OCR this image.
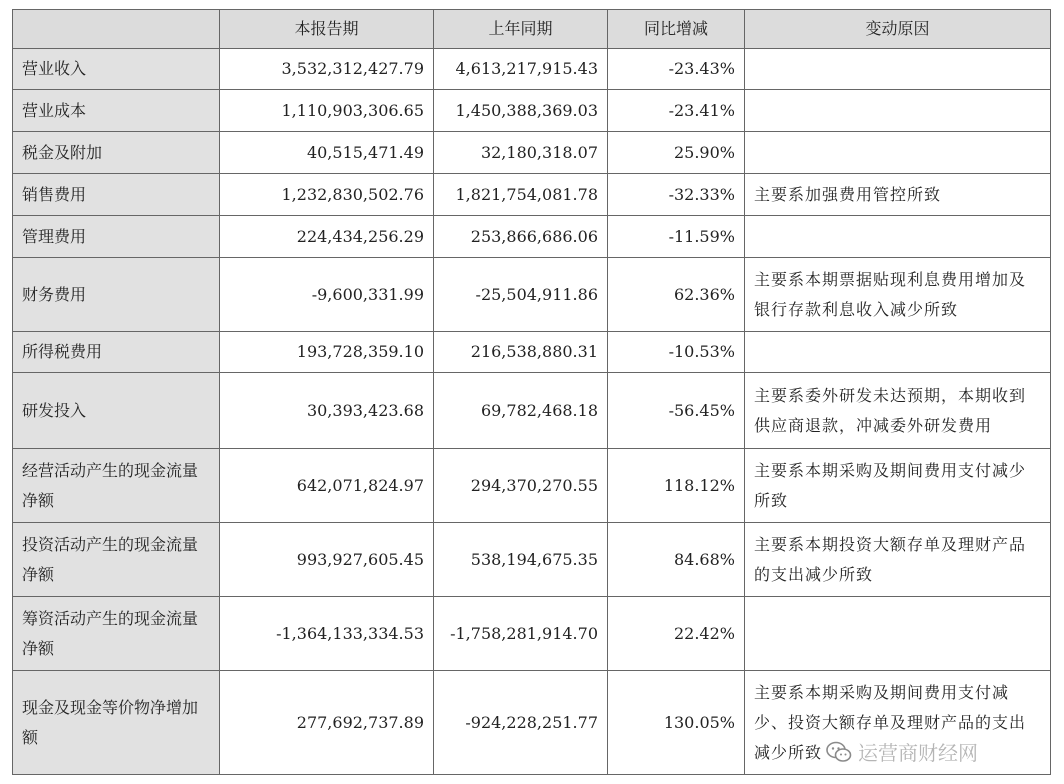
	本报告期	上年同期	同比增减	变动原因
营业收入	3,532,312,427.79	4,613,217,915.43	-23.43%	
营业成本	1,110,903,306.65	1,450,388,369.03	-23.41%	
税金及附加	40,515,471.49	32,180,318.07	25.90%	
销售费用	1,232,830,502.76	1,821,754,081.78	-32.33%	主要系加强费用管控所致
管理费用	224,434,256.29	253,866,686.06	-11.59%	
财务费用	-9,600,331.99	-25,504,911.86	62.36%	主要系本期票据贴现利息费用增加及银行存款利息收入减少所致
所得税费用	193,728,359.10	216,538,880.31	-10.53%	
研发投入	30,393,423.68	69,782,468.18	-56.45%	主要系委外研发未达预期，本期收到供应商退款，冲减委外研发费用
经营活动产生的现金流量净额	642,071,824.97	294,370,270.55	118.12%	主要系本期采购及期间费用支付减少所致
投资活动产生的现金流量净额	993,927,605.45	538,194,675.35	84.68%	主要系本期投资大额存单及理财产品的支出减少所致
筹资活动产生的现金流量净额	-1,364,133,334.53	-1,758,281,914.70	22.42%	
现金及现金等价物净增加额	277,692,737.89	-924,228,251.77	130.05%	主要系本期采购及期间费用支付减少、投资大额存单及理财产品的支出减少所致 运营商财经网
